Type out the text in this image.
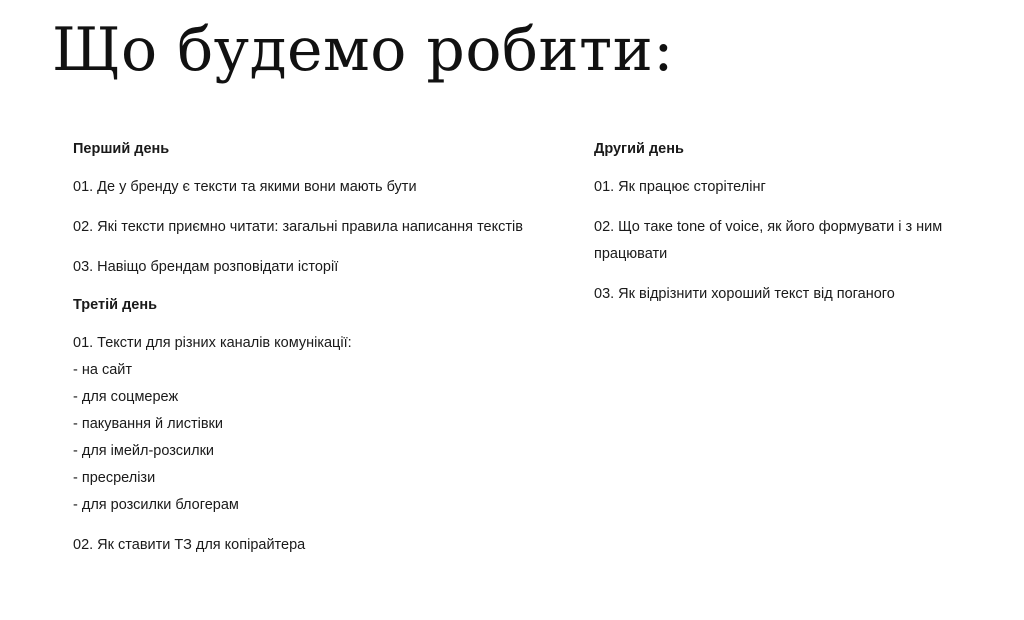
Що будемо робити:
Перший день
01. Де у бренду є тексти та якими вони мають бути
02. Які тексти приємно читати: загальні правила написання текстів
03. Навіщо брендам розповідати історії
Третій день
01. Тексти для різних каналів комунікації:
- на сайт
- для соцмереж
- пакування й листівки
- для імейл-розсилки
- пресрелізи
- для розсилки блогерам
02. Як ставити ТЗ для копірайтера
Другий день
01. Як працює сторітелінг
02. Що таке tone of voice, як його формувати і з ним працювати
03. Як відрізнити хороший текст від поганого
